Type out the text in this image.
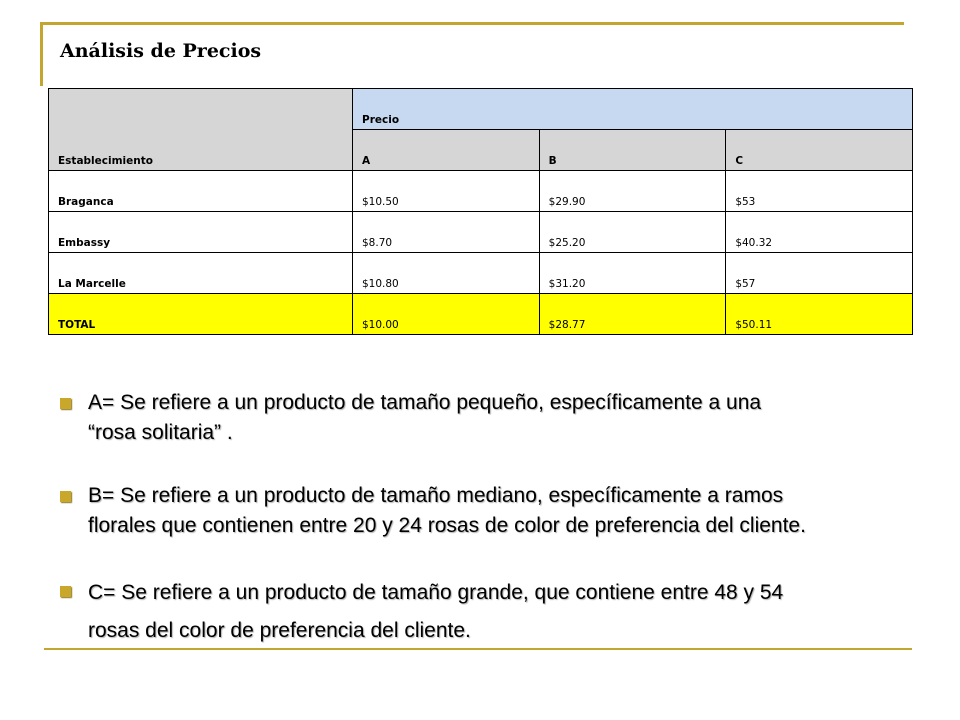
Análisis de Precios
Establecimiento	Precio		
	A	B	C
Braganca	$10.50	$29.90	$53
Embassy	$8.70	$25.20	$40.32
La Marcelle	$10.80	$31.20	$57
TOTAL	$10.00	$28.77	$50.11
A= Se refiere a un producto de tamaño pequeño, específicamente a una
“rosa solitaria” .
B= Se refiere a un producto de tamaño mediano, específicamente a ramos
florales que contienen entre 20 y 24 rosas de color de preferencia del cliente.
C= Se refiere a un producto de tamaño grande, que contiene entre 48 y 54
rosas del color de preferencia del cliente.
